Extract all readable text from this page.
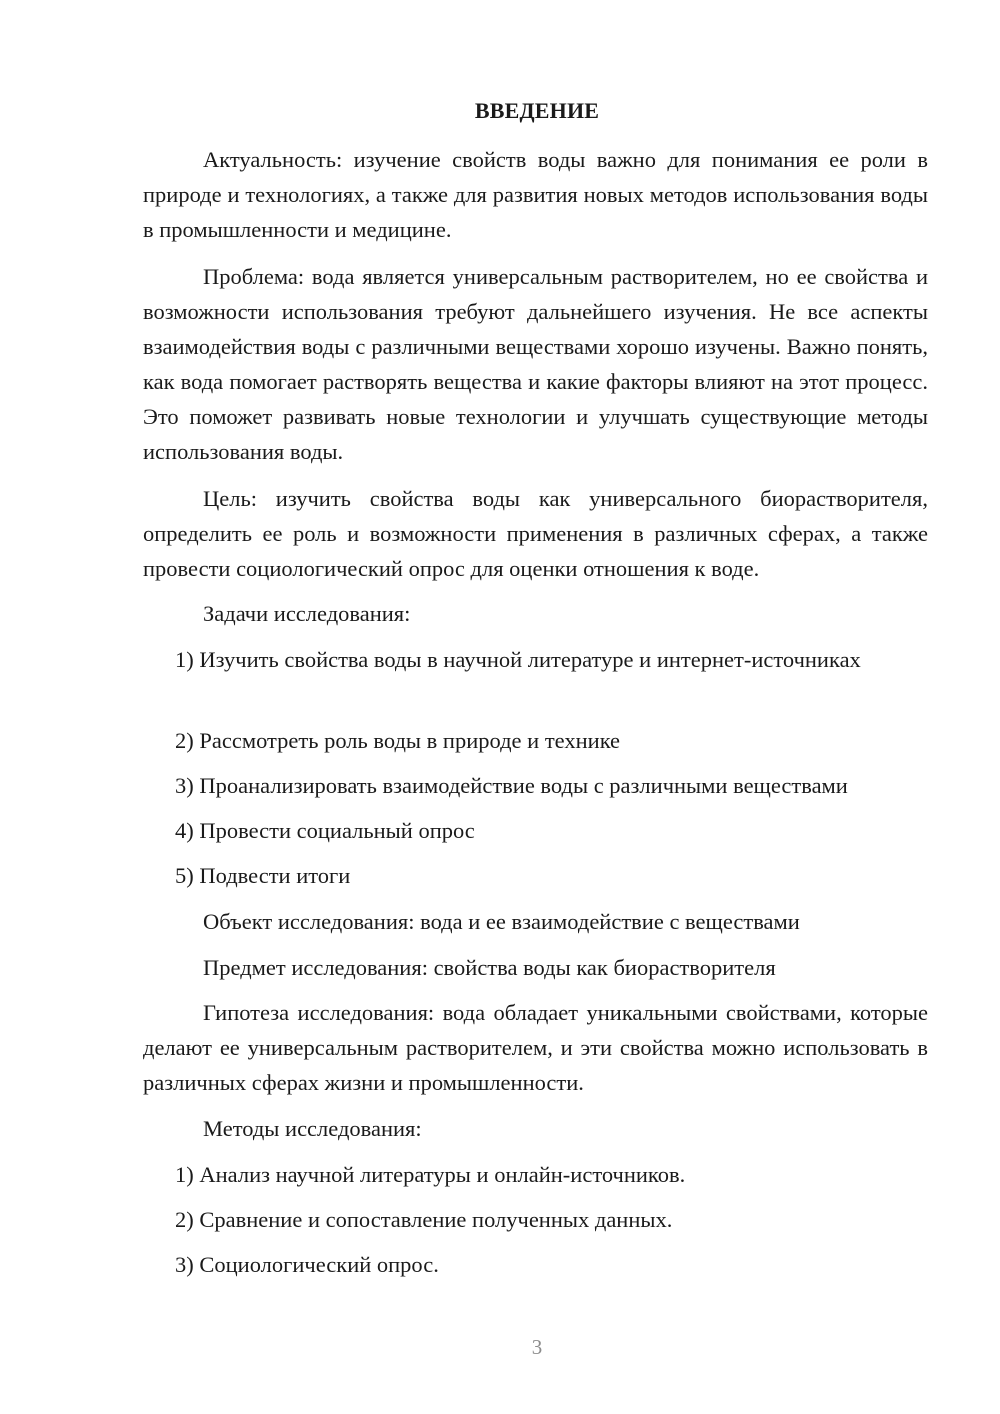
ВВЕДЕНИЕ

Актуальность: изучение свойств воды важно для понимания ее роли в природе и технологиях, а также для развития новых методов использования воды в промышленности и медицине.

Проблема: вода является универсальным растворителем, но ее свойства и возможности использования требуют дальнейшего изучения. Не все аспекты взаимодействия воды с различными веществами хорошо изучены. Важно понять, как вода помогает растворять вещества и какие факторы влияют на этот процесс. Это поможет развивать новые технологии и улучшать существующие методы использования воды.

Цель: изучить свойства воды как универсального биорастворителя, определить ее роль и возможности применения в различных сферах, а также провести социологический опрос для оценки отношения к воде.

Задачи исследования:

1) Изучить свойства воды в научной литературе и интернет-источниках

2) Рассмотреть роль воды в природе и технике

3) Проанализировать взаимодействие воды с различными веществами

4) Провести социальный опрос

5) Подвести итоги

Объект исследования: вода и ее взаимодействие с веществами

Предмет исследования: свойства воды как биорастворителя

Гипотеза исследования: вода обладает уникальными свойствами, которые делают ее универсальным растворителем, и эти свойства можно использовать в различных сферах жизни и промышленности.

Методы исследования:

1) Анализ научной литературы и онлайн-источников.

2) Сравнение и сопоставление полученных данных.

3) Социологический опрос.

3
